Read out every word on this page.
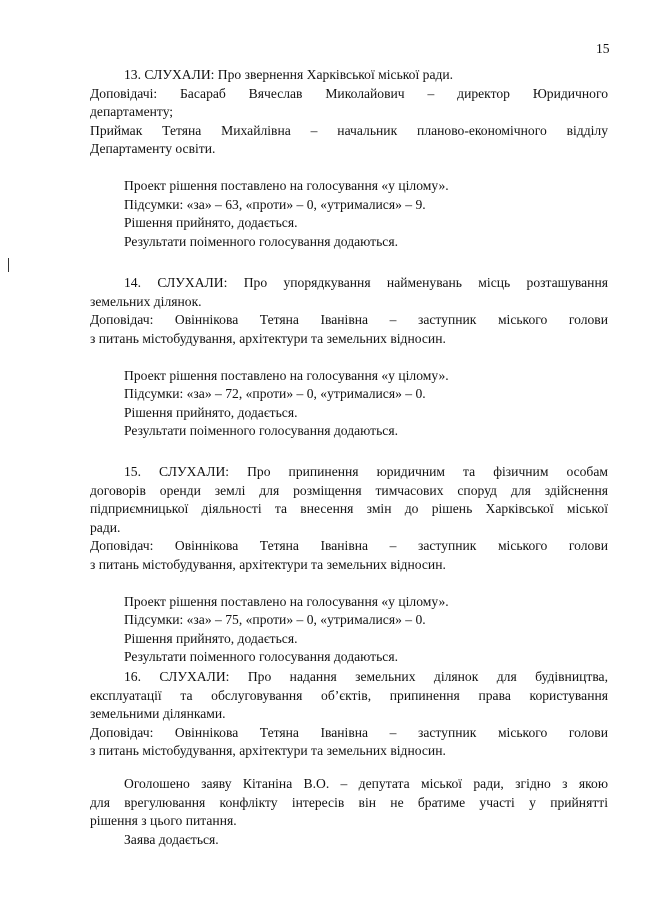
15
13. СЛУХАЛИ: Про звернення Харківської міської ради.
Доповідачі: Басараб Вячеслав Миколайович – директор Юридичного
департаменту;
Приймак Тетяна Михайлівна – начальник планово-економічного відділу
Департаменту освіти.
Проект рішення поставлено на голосування «у цілому».
Підсумки: «за» – 63, «проти» – 0, «утрималися» – 9.
Рішення прийнято, додається.
Результати поіменного голосування додаються.
14. СЛУХАЛИ: Про упорядкування найменувань місць розташування
земельних ділянок.
Доповідач: Овіннікова Тетяна Іванівна – заступник міського голови
з питань містобудування, архітектури та земельних відносин.
Проект рішення поставлено на голосування «у цілому».
Підсумки: «за» – 72, «проти» – 0, «утрималися» – 0.
Рішення прийнято, додається.
Результати поіменного голосування додаються.
15. СЛУХАЛИ: Про припинення юридичним та фізичним особам
договорів оренди землі для розміщення тимчасових споруд для здійснення
підприємницької діяльності та внесення змін до рішень Харківської міської
ради.
Доповідач: Овіннікова Тетяна Іванівна – заступник міського голови
з питань містобудування, архітектури та земельних відносин.
Проект рішення поставлено на голосування «у цілому».
Підсумки: «за» – 75, «проти» – 0, «утрималися» – 0.
Рішення прийнято, додається.
Результати поіменного голосування додаються.
16. СЛУХАЛИ: Про надання земельних ділянок для будівництва,
експлуатації та обслуговування об’єктів, припинення права користування
земельними ділянками.
Доповідач: Овіннікова Тетяна Іванівна – заступник міського голови
з питань містобудування, архітектури та земельних відносин.
Оголошено заяву Кітаніна В.О. – депутата міської ради, згідно з якою
для врегулювання конфлікту інтересів він не братиме участі у прийнятті
рішення з цього питання.
Заява додається.
